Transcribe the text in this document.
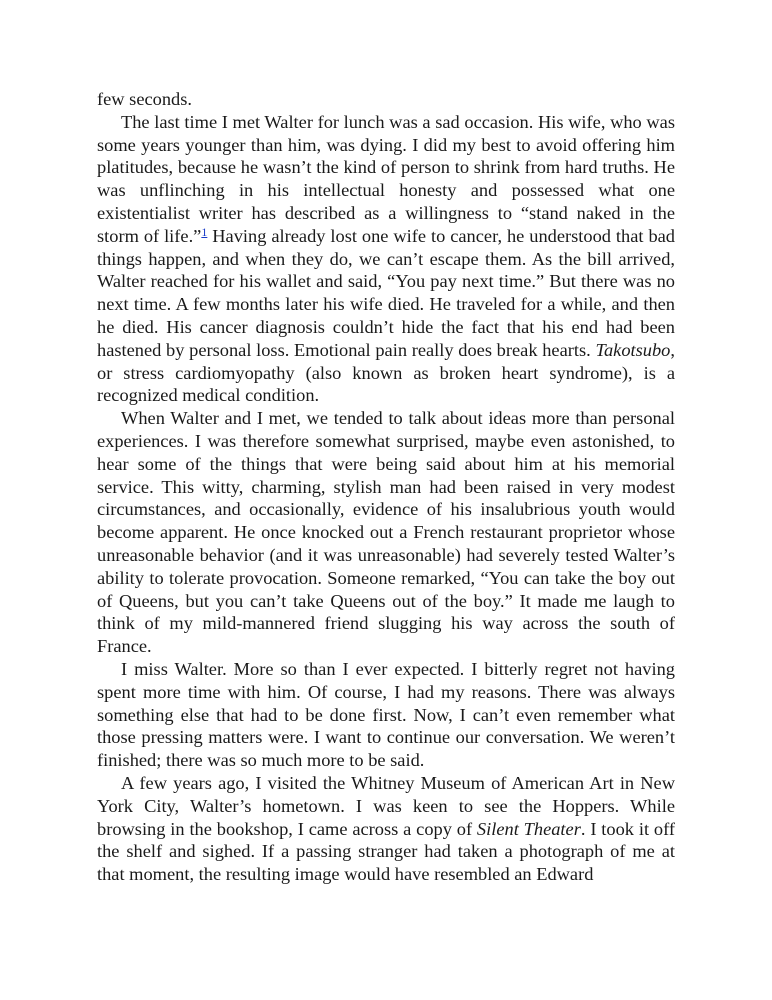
few seconds.

The last time I met Walter for lunch was a sad occasion. His wife, who was some years younger than him, was dying. I did my best to avoid offering him platitudes, because he wasn’t the kind of person to shrink from hard truths. He was unflinching in his intellectual honesty and possessed what one existentialist writer has described as a willingness to “stand naked in the storm of life.”$^1$ Having already lost one wife to cancer, he understood that bad things happen, and when they do, we can’t escape them. As the bill arrived, Walter reached for his wallet and said, “You pay next time.” But there was no next time. A few months later his wife died. He traveled for a while, and then he died. His cancer diagnosis couldn’t hide the fact that his end had been hastened by personal loss. Emotional pain really does break hearts. Takotsubo, or stress cardiomyopathy (also known as broken heart syndrome), is a recognized medical condition.

When Walter and I met, we tended to talk about ideas more than personal experiences. I was therefore somewhat surprised, maybe even astonished, to hear some of the things that were being said about him at his memorial service. This witty, charming, stylish man had been raised in very modest circumstances, and occasionally, evidence of his insalubrious youth would become apparent. He once knocked out a French restaurant proprietor whose unreasonable behavior (and it was unreasonable) had severely tested Walter’s ability to tolerate provocation. Someone remarked, “You can take the boy out of Queens, but you can’t take Queens out of the boy.” It made me laugh to think of my mild-mannered friend slugging his way across the south of France.

I miss Walter. More so than I ever expected. I bitterly regret not having spent more time with him. Of course, I had my reasons. There was always something else that had to be done first. Now, I can’t even remember what those pressing matters were. I want to continue our conversation. We weren’t finished; there was so much more to be said.

A few years ago, I visited the Whitney Museum of American Art in New York City, Walter’s hometown. I was keen to see the Hoppers. While browsing in the bookshop, I came across a copy of Silent Theater. I took it off the shelf and sighed. If a passing stranger had taken a photograph of me at that moment, the resulting image would have resembled an Edward
